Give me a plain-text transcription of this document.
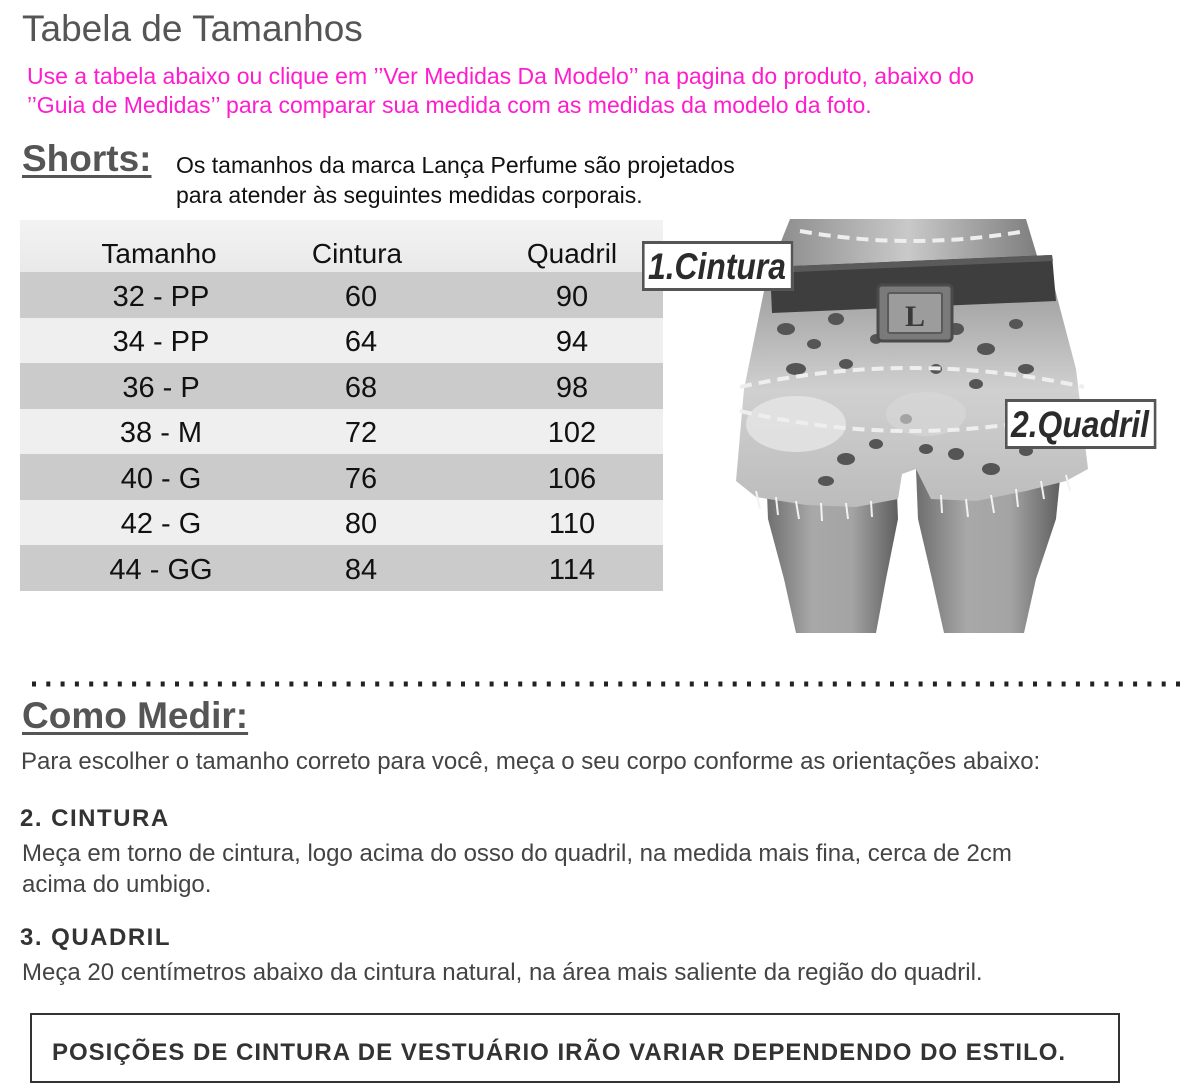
Tabela de Tamanhos
Use a tabela abaixo ou clique em ’’Ver Medidas Da Modelo’’ na pagina do produto, abaixo do
’’Guia de Medidas’’ para comparar sua medida com as medidas da modelo da foto.
Shorts: Os tamanhos da marca Lança Perfume são projetados
para atender às seguintes medidas corporais.
Tamanho	Cintura	Quadril
32 - PP	60	90
34 - PP	64	94
36 - P	68	98
38 - M	72	102
40 - G	76	106
42 - G	80	110
44 - GG	84	114
L
1.Cintura
2.Quadril
Como Medir:
Para escolher o tamanho correto para você, meça o seu corpo conforme as orientações abaixo:
2. CINTURA
Meça em torno de cintura, logo acima do osso do quadril, na medida mais fina, cerca de 2cm
acima do umbigo.
3. QUADRIL
Meça 20 centímetros abaixo da cintura natural, na área mais saliente da região do quadril.
POSIÇÕES DE CINTURA DE VESTUÁRIO IRÃO VARIAR DEPENDENDO DO ESTILO.
